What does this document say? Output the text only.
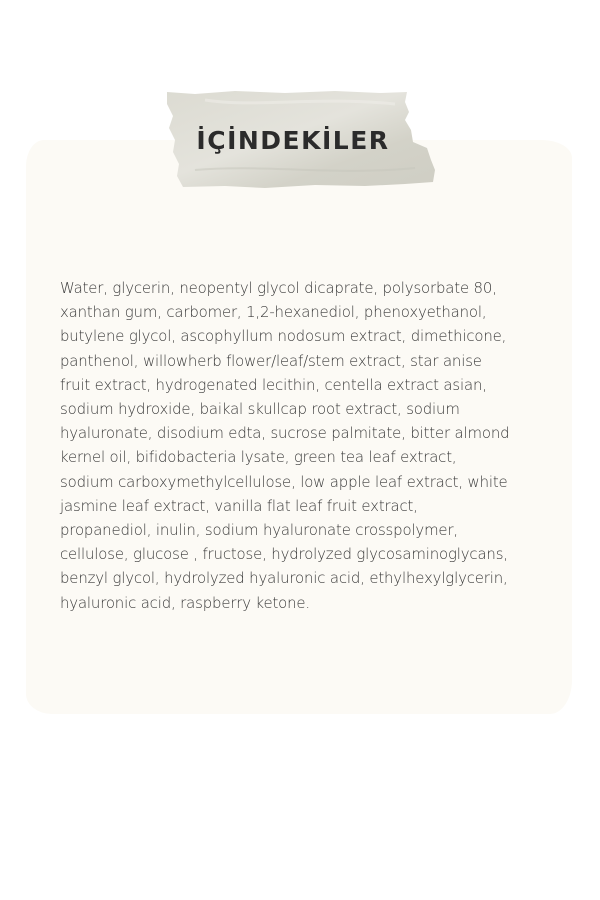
İÇİNDEKİLER

Water, glycerin, neopentyl glycol dicaprate, polysorbate 80, xanthan gum, carbomer, 1,2-hexanediol, phenoxyethanol, butylene glycol, ascophyllum nodosum extract, dimethicone, panthenol, willowherb flower/leaf/stem extract, star anise fruit extract, hydrogenated lecithin, centella extract asian, sodium hydroxide, baikal skullcap root extract, sodium hyaluronate, disodium edta, sucrose palmitate, bitter almond kernel oil, bifidobacteria lysate, green tea leaf extract, sodium carboxymethylcellulose, low apple leaf extract, white jasmine leaf extract, vanilla flat leaf fruit extract, propanediol, inulin, sodium hyaluronate crosspolymer, cellulose, glucose , fructose, hydrolyzed glycosaminoglycans, benzyl glycol, hydrolyzed hyaluronic acid, ethylhexylglycerin, hyaluronic acid, raspberry ketone.
